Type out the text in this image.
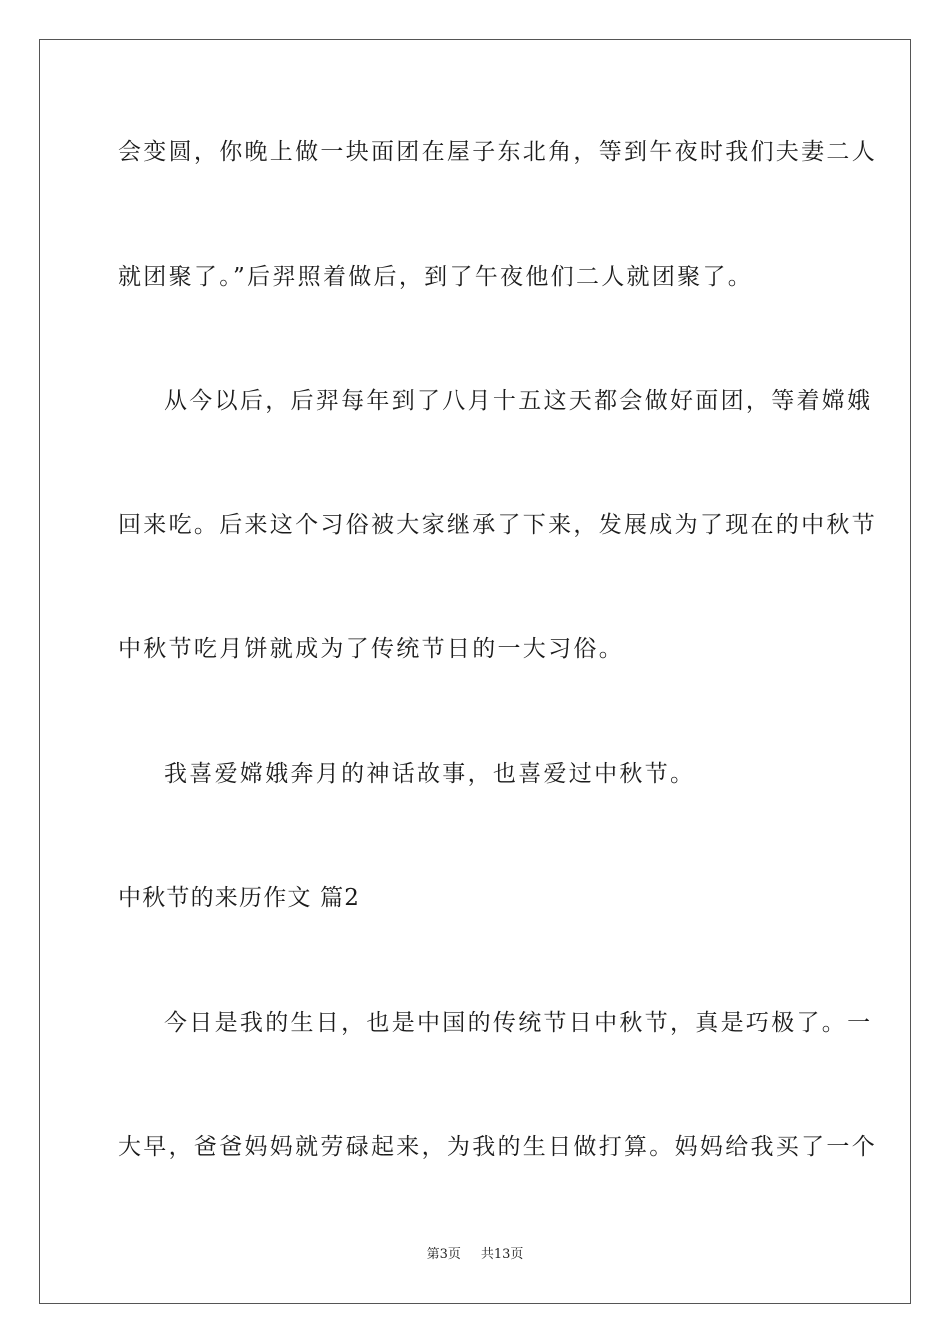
会变圆，你晚上做一块面团在屋子东北角，等到午夜时我们夫妻二人
就团聚了。”后羿照着做后，到了午夜他们二人就团聚了。
从今以后，后羿每年到了八月十五这天都会做好面团，等着嫦娥
回来吃。后来这个习俗被大家继承了下来，发展成为了现在的中秋节
中秋节吃月饼就成为了传统节日的一大习俗。
我喜爱嫦娥奔月的神话故事，也喜爱过中秋节。
中秋节的来历作文 篇2
今日是我的生日，也是中国的传统节日中秋节，真是巧极了。一
大早，爸爸妈妈就劳碌起来，为我的生日做打算。妈妈给我买了一个
第3页 共13页
